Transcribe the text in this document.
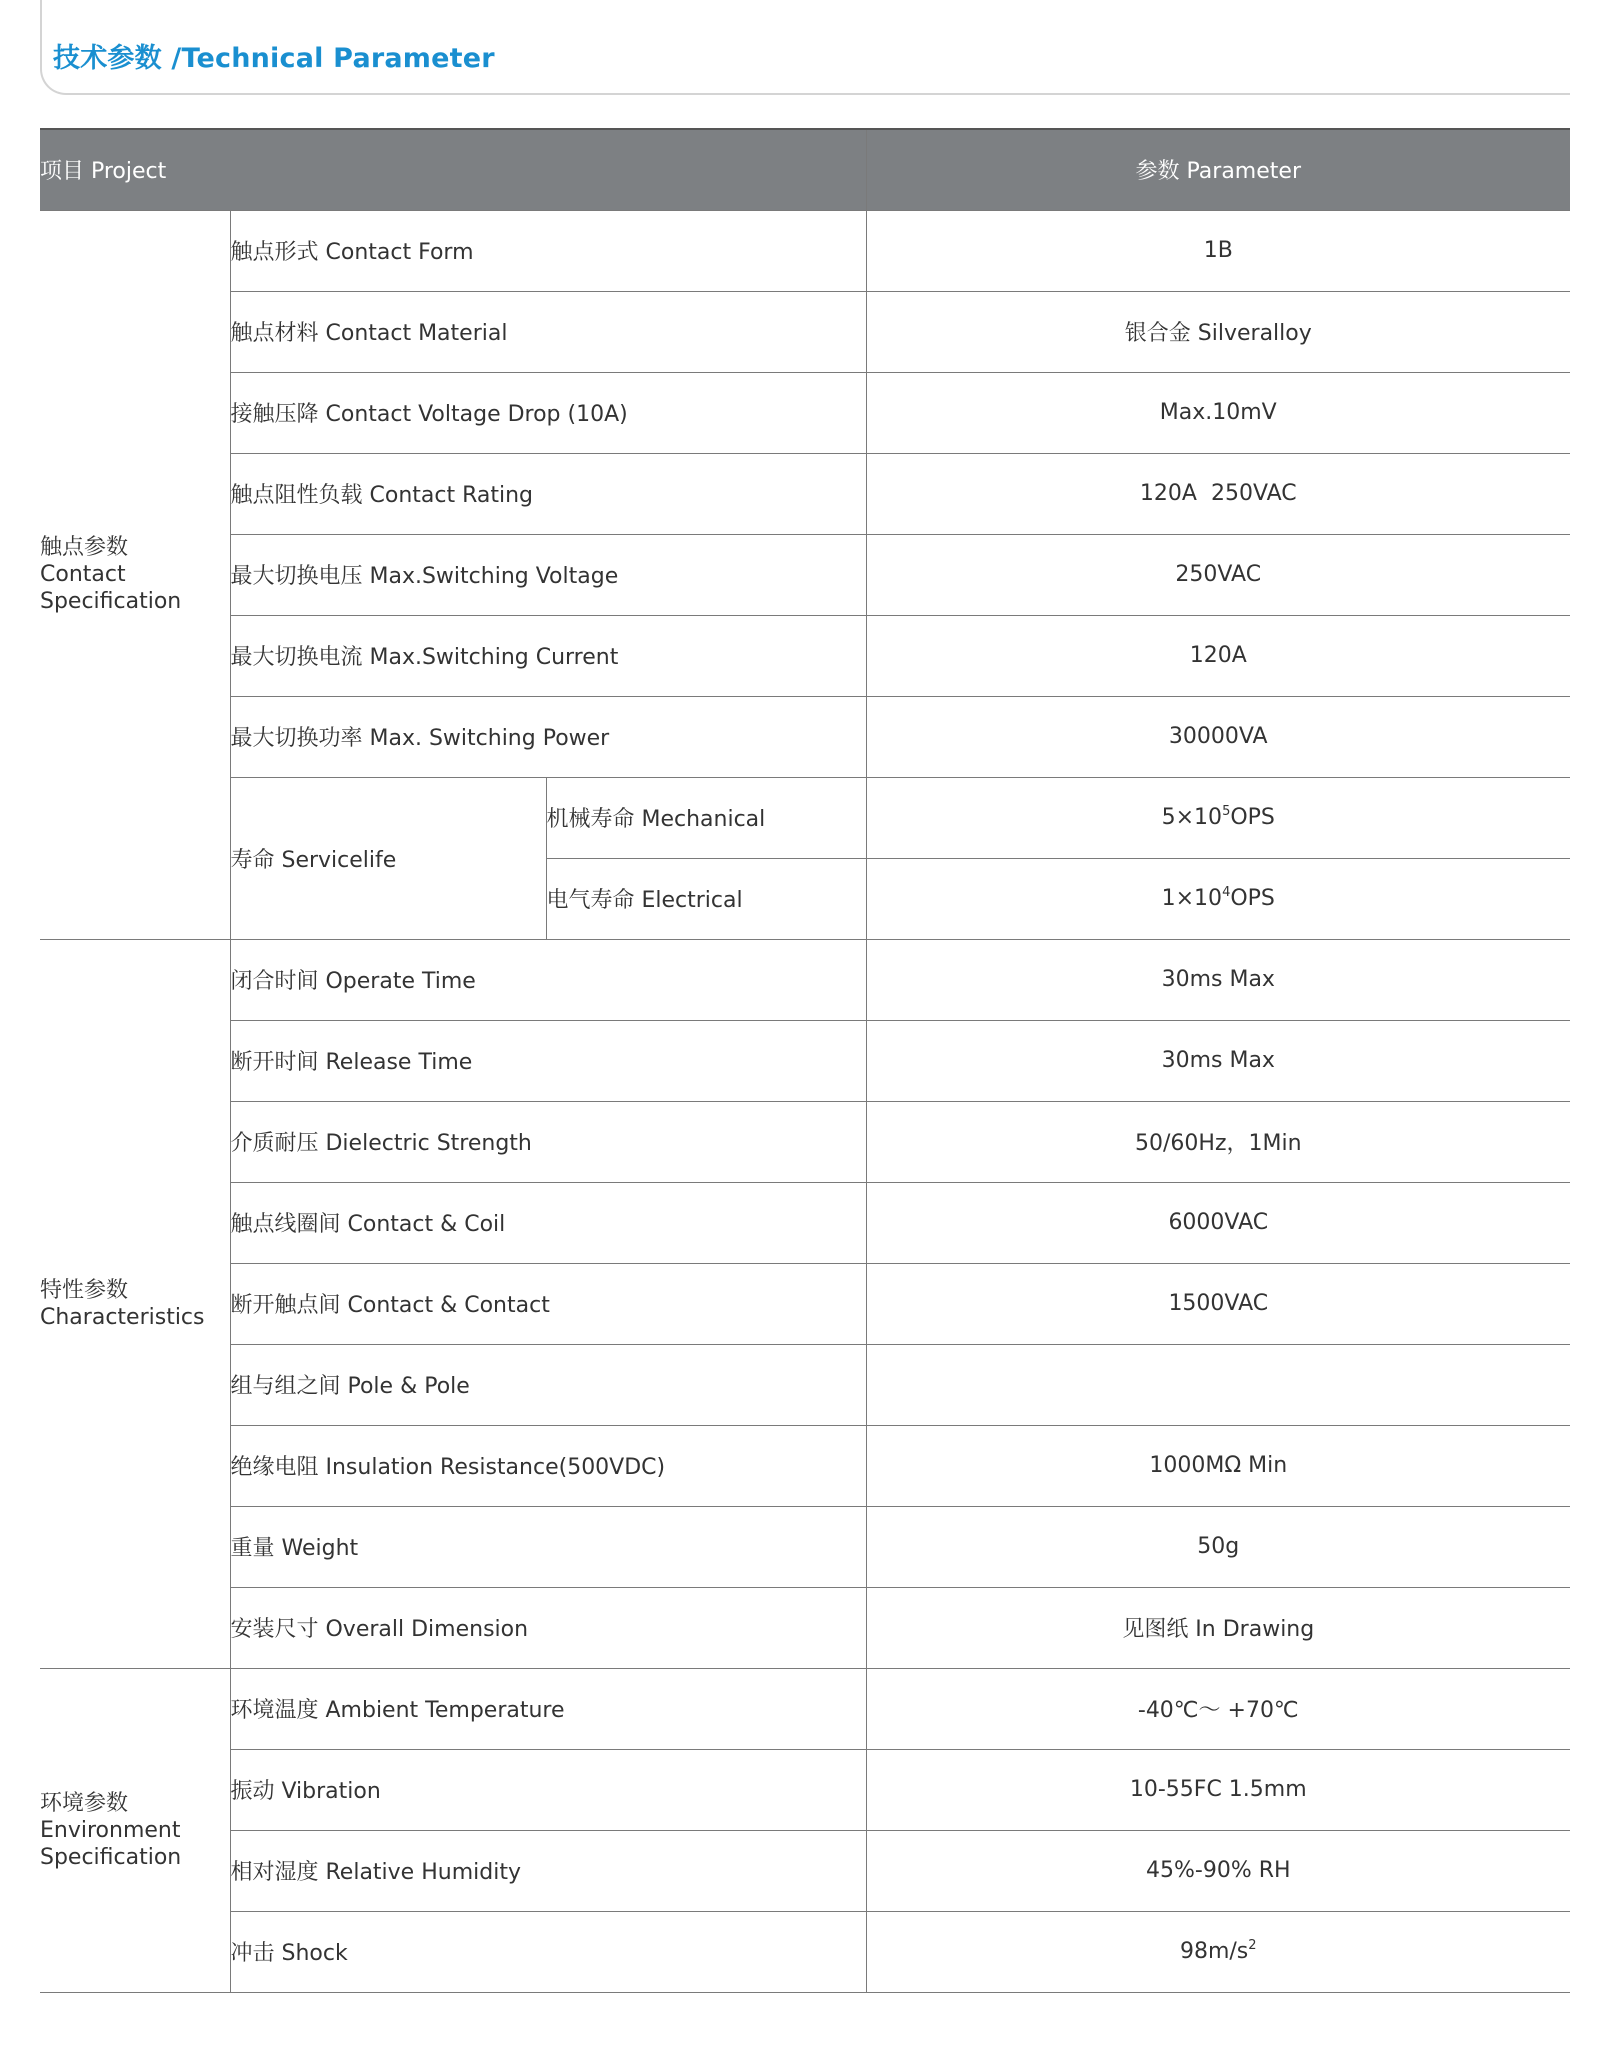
技术参数 /Technical Parameter
项目 Project			参数 Parameter
触点参数
Contact
Specification	触点形式 Contact Form		1B
	触点材料 Contact Material		银合金 Silveralloy
	接触压降 Contact Voltage Drop (10A)		Max.10mV
	触点阻性负载 Contact Rating		120A  250VAC
	最大切换电压 Max.Switching Voltage		250VAC
	最大切换电流 Max.Switching Current		120A
	最大切换功率 Max. Switching Power		30000VA
	寿命 Servicelife	机械寿命 Mechanical	$5\times 10^5OPS$
		电气寿命 Electrical	$1\times 10^4OPS$
特性参数
Characteristics	闭合时间 Operate Time		30ms Max
	断开时间 Release Time		30ms Max
	介质耐压 Dielectric Strength		50/60Hz，1Min
	触点线圈间 Contact & Coil		6000VAC
	断开触点间 Contact & Contact		1500VAC
	组与组之间 Pole & Pole		
	绝缘电阻 Insulation Resistance(500VDC)		1000MΩ Min
	重量 Weight		50g
	安装尺寸 Overall Dimension		见图纸 In Drawing
环境参数
Environment
Specification	环境温度 Ambient Temperature		-40℃～ +70℃
	振动 Vibration		10-55FC 1.5mm
	相对湿度 Relative Humidity		45%-90% RH
	冲击 Shock		$98m/s^2$
